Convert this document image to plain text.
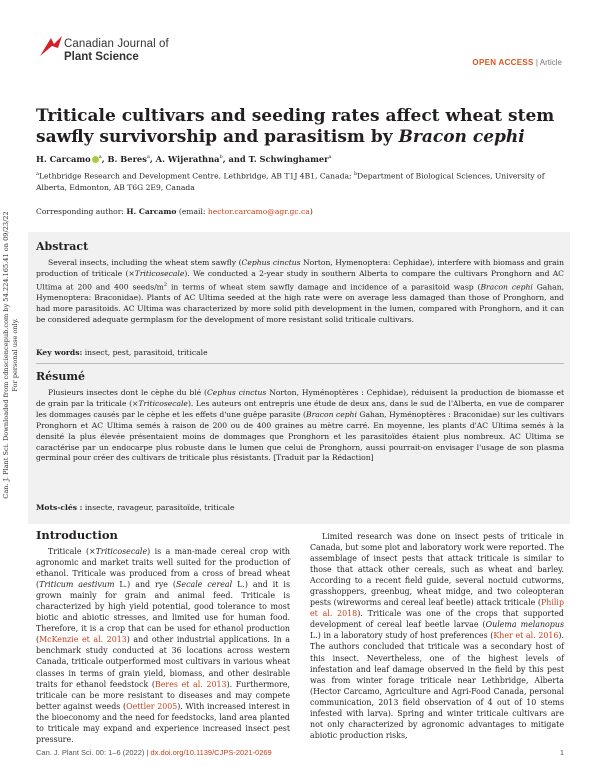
Canadian Journal of
Plant Science	OPEN ACCESS | Article
Triticale cultivars and seeding rates affect wheat stem sawfly survivorship and parasitism by Bracon cephi
H. Carcamo $^a$, B. Beres$^a$, A. Wijerathna$^b$, and T. Schwinghamer$^a$
$^a$Lethbridge Research and Development Centre, Lethbridge, AB T1J 4B1, Canada; $^b$Department of Biological Sciences, University of Alberta, Edmonton, AB T6G 2E9, Canada
Corresponding author: H. Carcamo (email: hector.carcamo@agr.gc.ca)
Can. J. Plant Sci. Downloaded from cdnsciencepub.com by 54.224.165.41 on 09/23/22 For personal use only.
Abstract

Several insects, including the wheat stem sawfly (Cephus cinctus Norton, Hymenoptera: Cephidae), interfere with biomass and grain production of triticale (×Triticosecale). We conducted a 2-year study in southern Alberta to compare the cultivars Pronghorn and AC Ultima at 200 and 400 seeds/$m^2$ in terms of wheat stem sawfly damage and incidence of a parasitoid wasp (Bracon cephi Gahan, Hymenoptera: Braconidae). Plants of AC Ultima seeded at the high rate were on average less damaged than those of Pronghorn, and had more parasitoids. AC Ultima was characterized by more solid pith development in the lumen, compared with Pronghorn, and it can be considered adequate germplasm for the development of more resistant solid triticale cultivars.

Key words: insect, pest, parasitoid, triticale
Résumé

Plusieurs insectes dont le cèphe du blé (Cephus cinctus Norton, Hyménoptères : Cephidae), réduisent la production de biomasse et de grain par la triticale (×Triticosecale). Les auteurs ont entrepris une étude de deux ans, dans le sud de l'Alberta, en vue de comparer les dommages causés par le cèphe et les effets d'une guêpe parasite (Bracon cephi Gahan, Hyménoptères : Braconidae) sur les cultivars Pronghorn et AC Ultima semés à raison de 200 ou de 400 graines au mètre carré. En moyenne, les plants d'AC Ultima semés à la densité la plus élevée présentaient moins de dommages que Pronghorn et les parasitoïdes étaient plus nombreux. AC Ultima se caractérise par un endocarpe plus robuste dans le lumen que celui de Pronghorn, aussi pourrait-on envisager l'usage de son plasma germinal pour créer des cultivars de triticale plus résistants. [Traduit par la Rédaction]

Mots-clés : insecte, ravageur, parasitoïde, triticale
Introduction

Triticale (×Triticosecale) is a man-made cereal crop with agronomic and market traits well suited for the production of ethanol. Triticale was produced from a cross of bread wheat (Triticum aestivum L.) and rye (Secale cereal L.) and it is grown mainly for grain and animal feed. Triticale is characterized by high yield potential, good tolerance to most biotic and abiotic stresses, and limited use for human food. Therefore, it is a crop that can be used for ethanol production (McKenzie et al. 2013) and other industrial applications. In a benchmark study conducted at 36 locations across western Canada, triticale outperformed most cultivars in various wheat classes in terms of grain yield, biomass, and other desirable traits for ethanol feedstock (Beres et al. 2013). Furthermore, triticale can be more resistant to diseases and may compete better against weeds (Oettler 2005). With increased interest in the bioeconomy and the need for feedstocks, land area planted to triticale may expand and experience increased insect pest pressure.

Limited research was done on insect pests of triticale in Canada, but some plot and laboratory work were reported. The assemblage of insect pests that attack triticale is similar to those that attack other cereals, such as wheat and barley. According to a recent field guide, several noctuid cutworms, grasshoppers, greenbug, wheat midge, and two coleopteran pests (wireworms and cereal leaf beetle) attack triticale (Philip et al. 2018). Triticale was one of the crops that supported development of cereal leaf beetle larvae (Oulema melanopus L.) in a laboratory study of host preferences (Kher et al. 2016). The authors concluded that triticale was a secondary host of this insect. Nevertheless, one of the highest levels of infestation and leaf damage observed in the field by this pest was from winter forage triticale near Lethbridge, Alberta (Hector Carcamo, Agriculture and Agri-Food Canada, personal communication, 2013 field observation of 4 out of 10 stems infested with larva). Spring and winter triticale cultivars are not only characterized by agronomic advantages to mitigate abiotic production risks,

Can. J. Plant Sci. 00: 1–6 (2022) | dx.doi.org/10.1139/CJPS-2021-0269	1
